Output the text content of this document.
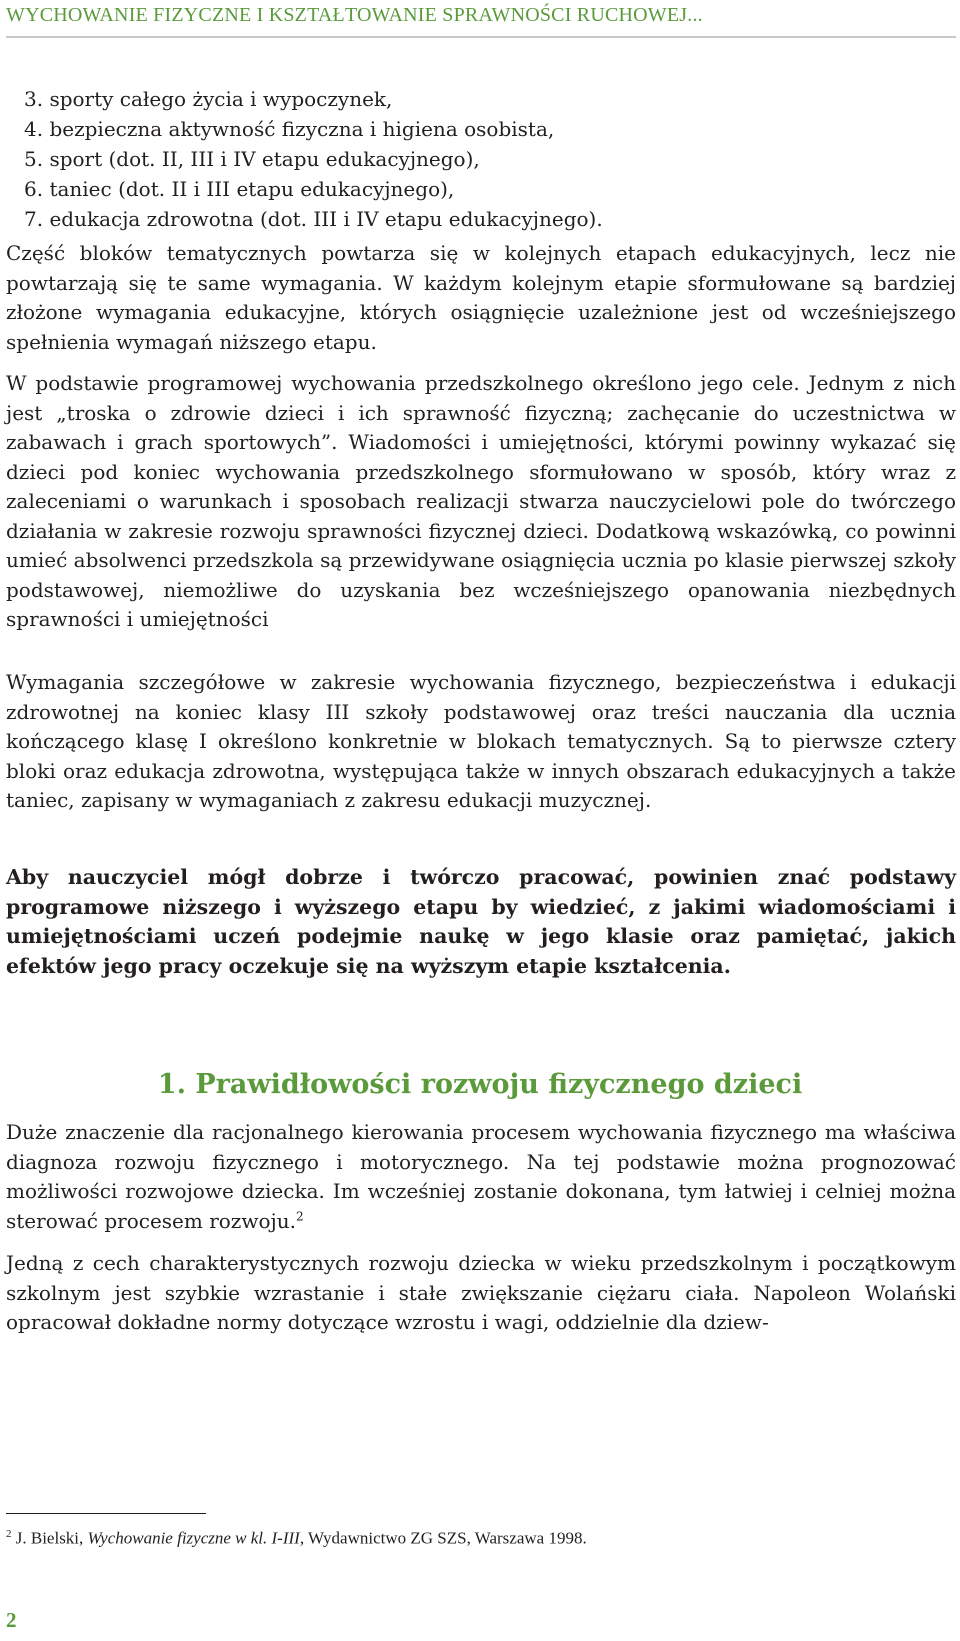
WYCHOWANIE FIZYCZNE I KSZTAŁTOWANIE SPRAWNOŚCI RUCHOWEJ...
3. sporty całego życia i wypoczynek,
4. bezpieczna aktywność fizyczna i higiena osobista,
5. sport (dot. II, III i IV etapu edukacyjnego),
6. taniec (dot. II i III etapu edukacyjnego),
7. edukacja zdrowotna (dot. III i IV etapu edukacyjnego).

Część bloków tematycznych powtarza się w kolejnych etapach edukacyjnych, lecz nie powtarzają się te same wymagania. W każdym kolejnym etapie sformułowane są bardziej złożone wymagania edukacyjne, których osiągnięcie uzależnione jest od wcześniejszego spełnienia wymagań niższego etapu.

W podstawie programowej wychowania przedszkolnego określono jego cele. Jednym z nich jest „troska o zdrowie dzieci i ich sprawność fizyczną; zachęcanie do uczestnictwa w zabawach i grach sportowych”. Wiadomości i umiejętności, którymi powinny wykazać się dzieci pod koniec wychowania przedszkolnego sformułowano w sposób, który wraz z zaleceniami o warunkach i sposobach realizacji stwarza nauczycielowi pole do twórczego działania w zakresie rozwoju sprawności fizycznej dzieci. Dodatkową wskazówką, co powinni umieć absolwenci przedszkola są przewidywane osiągnięcia ucznia po klasie pierwszej szkoły podstawowej, niemożliwe do uzyskania bez wcześniejszego opanowania niezbędnych sprawności i umiejętności

Wymagania szczegółowe w zakresie wychowania fizycznego, bezpieczeństwa i edukacji zdrowotnej na koniec klasy III szkoły podstawowej oraz treści nauczania dla ucznia kończącego klasę I określono konkretnie w blokach tematycznych. Są to pierwsze cztery bloki oraz edukacja zdrowotna, występująca także w innych obszarach edukacyjnych a także taniec, zapisany w wymaganiach z zakresu edukacji muzycznej.

Aby nauczyciel mógł dobrze i twórczo pracować, powinien znać podstawy programowe niższego i wyższego etapu by wiedzieć, z jakimi wiadomościami i umiejętnościami uczeń podejmie naukę w jego klasie oraz pamiętać, jakich efektów jego pracy oczekuje się na wyższym etapie kształcenia.

1. Prawidłowości rozwoju fizycznego dzieci

Duże znaczenie dla racjonalnego kierowania procesem wychowania fizycznego ma właściwa diagnoza rozwoju fizycznego i motorycznego. Na tej podstawie można prognozować możliwości rozwojowe dziecka. Im wcześniej zostanie dokonana, tym łatwiej i celniej można sterować procesem rozwoju.$^2$

Jedną z cech charakterystycznych rozwoju dziecka w wieku przedszkolnym i początkowym szkolnym jest szybkie wzrastanie i stałe zwiększanie ciężaru ciała. Napoleon Wolański opracował dokładne normy dotyczące wzrostu i wagi, oddzielnie dla dziew-

$^2$ J. Bielski, Wychowanie fizyczne w kl. I-III, Wydawnictwo ZG SZS, Warszawa 1998.
2
